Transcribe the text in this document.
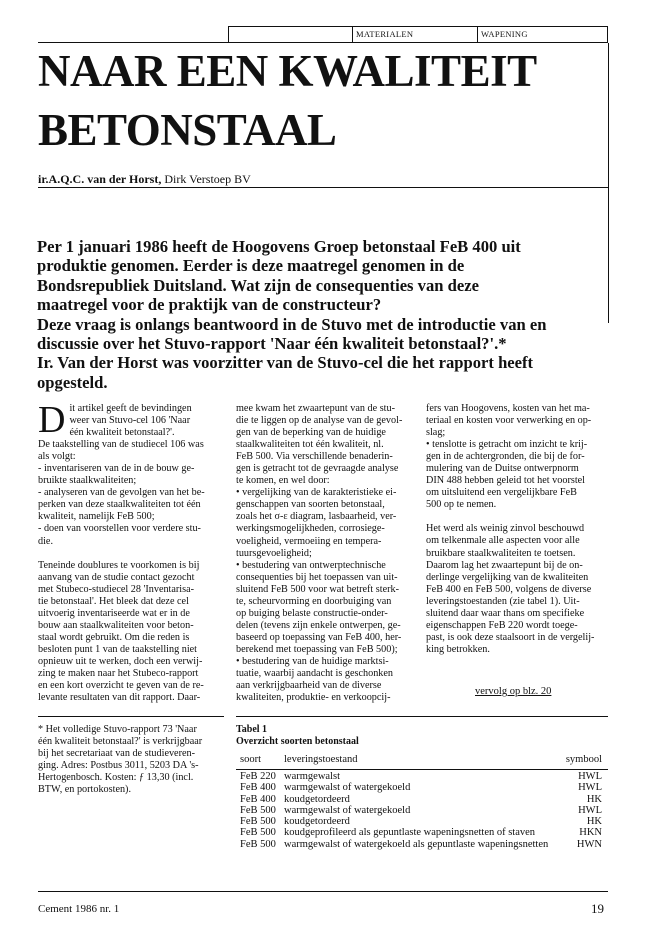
MATERIALEN	WAPENING
NAAR EEN KWALITEIT
BETONSTAAL
ir.A.Q.C. van der Horst, Dirk Verstoep BV
Per 1 januari 1986 heeft de Hoogovens Groep betonstaal FeB 400 uit
produktie genomen. Eerder is deze maatregel genomen in de
Bondsrepubliek Duitsland. Wat zijn de consequenties van deze
maatregel voor de praktijk van de constructeur?
Deze vraag is onlangs beantwoord in de Stuvo met de introductie van en
discussie over het Stuvo-rapport 'Naar één kwaliteit betonstaal?'.*
Ir. Van der Horst was voorzitter van de Stuvo-cel die het rapport heeft
opgesteld.

Dit artikel geeft de bevindingen
weer van Stuvo-cel 106 'Naar
één kwaliteit betonstaal?'.
De taakstelling van de studiecel 106 was
als volgt:
- inventariseren van de in de bouw ge-
bruikte staalkwaliteiten;
- analyseren van de gevolgen van het be-
perken van deze staalkwaliteiten tot één
kwaliteit, namelijk FeB 500;
- doen van voorstellen voor verdere stu-
die.

Teneinde doublures te voorkomen is bij
aanvang van de studie contact gezocht
met Stubeco-studiecel 28 'Inventarisa-
tie betonstaal'. Het bleek dat deze cel
uitvoerig inventariseerde wat er in de
bouw aan staalkwaliteiten voor beton-
staal wordt gebruikt. Om die reden is
besloten punt 1 van de taakstelling niet
opnieuw uit te werken, doch een verwij-
zing te maken naar het Stubeco-rapport
en een kort overzicht te geven van de re-
levante resultaten van dit rapport. Daar-

mee kwam het zwaartepunt van de stu-
die te liggen op de analyse van de gevol-
gen van de beperking van de huidige
staalkwaliteiten tot één kwaliteit, nl.
FeB 500. Via verschillende benaderin-
gen is getracht tot de gevraagde analyse
te komen, en wel door:
• vergelijking van de karakteristieke ei-
genschappen van soorten betonstaal,
zoals het σ-ε diagram, lasbaarheid, ver-
werkingsmogelijkheden, corrosiege-
voeligheid, vermoeiing en tempera-
tuursgevoeligheid;
• bestudering van ontwerptechnische
consequenties bij het toepassen van uit-
sluitend FeB 500 voor wat betreft sterk-
te, scheurvorming en doorbuiging van
op buiging belaste constructie-onder-
delen (tevens zijn enkele ontwerpen, ge-
baseerd op toepassing van FeB 400, her-
berekend met toepassing van FeB 500);
• bestudering van de huidige marktsi-
tuatie, waarbij aandacht is geschonken
aan verkrijgbaarheid van de diverse
kwaliteiten, produktie- en verkoopcij-

fers van Hoogovens, kosten van het ma-
teriaal en kosten voor verwerking en op-
slag;
• tenslotte is getracht om inzicht te krij-
gen in de achtergronden, die bij de for-
mulering van de Duitse ontwerpnorm
DIN 488 hebben geleid tot het voorstel
om uitsluitend een vergelijkbare FeB
500 op te nemen.

Het werd als weinig zinvol beschouwd
om telkenmale alle aspecten voor alle
bruikbare staalkwaliteiten te toetsen.
Daarom lag het zwaartepunt bij de on-
derlinge vergelijking van de kwaliteiten
FeB 400 en FeB 500, volgens de diverse
leveringstoestanden (zie tabel 1). Uit-
sluitend daar waar thans om specifieke
eigenschappen FeB 220 wordt toege-
past, is ook deze staalsoort in de vergelij-
king betrokken.

vervolg op blz. 20
* Het volledige Stuvo-rapport 73 'Naar
één kwaliteit betonstaal?' is verkrijgbaar
bij het secretariaat van de studieveren-
ging. Adres: Postbus 3011, 5203 DA 's-
Hertogenbosch. Kosten: ƒ 13,30 (incl.
BTW, en portokosten).
Tabel 1
Overzicht soorten betonstaal
soort leveringstoestand	symbool
FeB 220 warmgewalst	HWL
FeB 400 warmgewalst of watergekoeld	HWL
FeB 400 koudgetordeerd	HK
FeB 500 warmgewalst of watergekoeld	HWL
FeB 500 koudgetordeerd	HK
FeB 500 koudgeprofileerd als gepuntlaste wapeningsnetten of staven	HKN
FeB 500 warmgewalst of watergekoeld als gepuntlaste wapeningsnetten	HWN
Cement 1986 nr. 1	19
